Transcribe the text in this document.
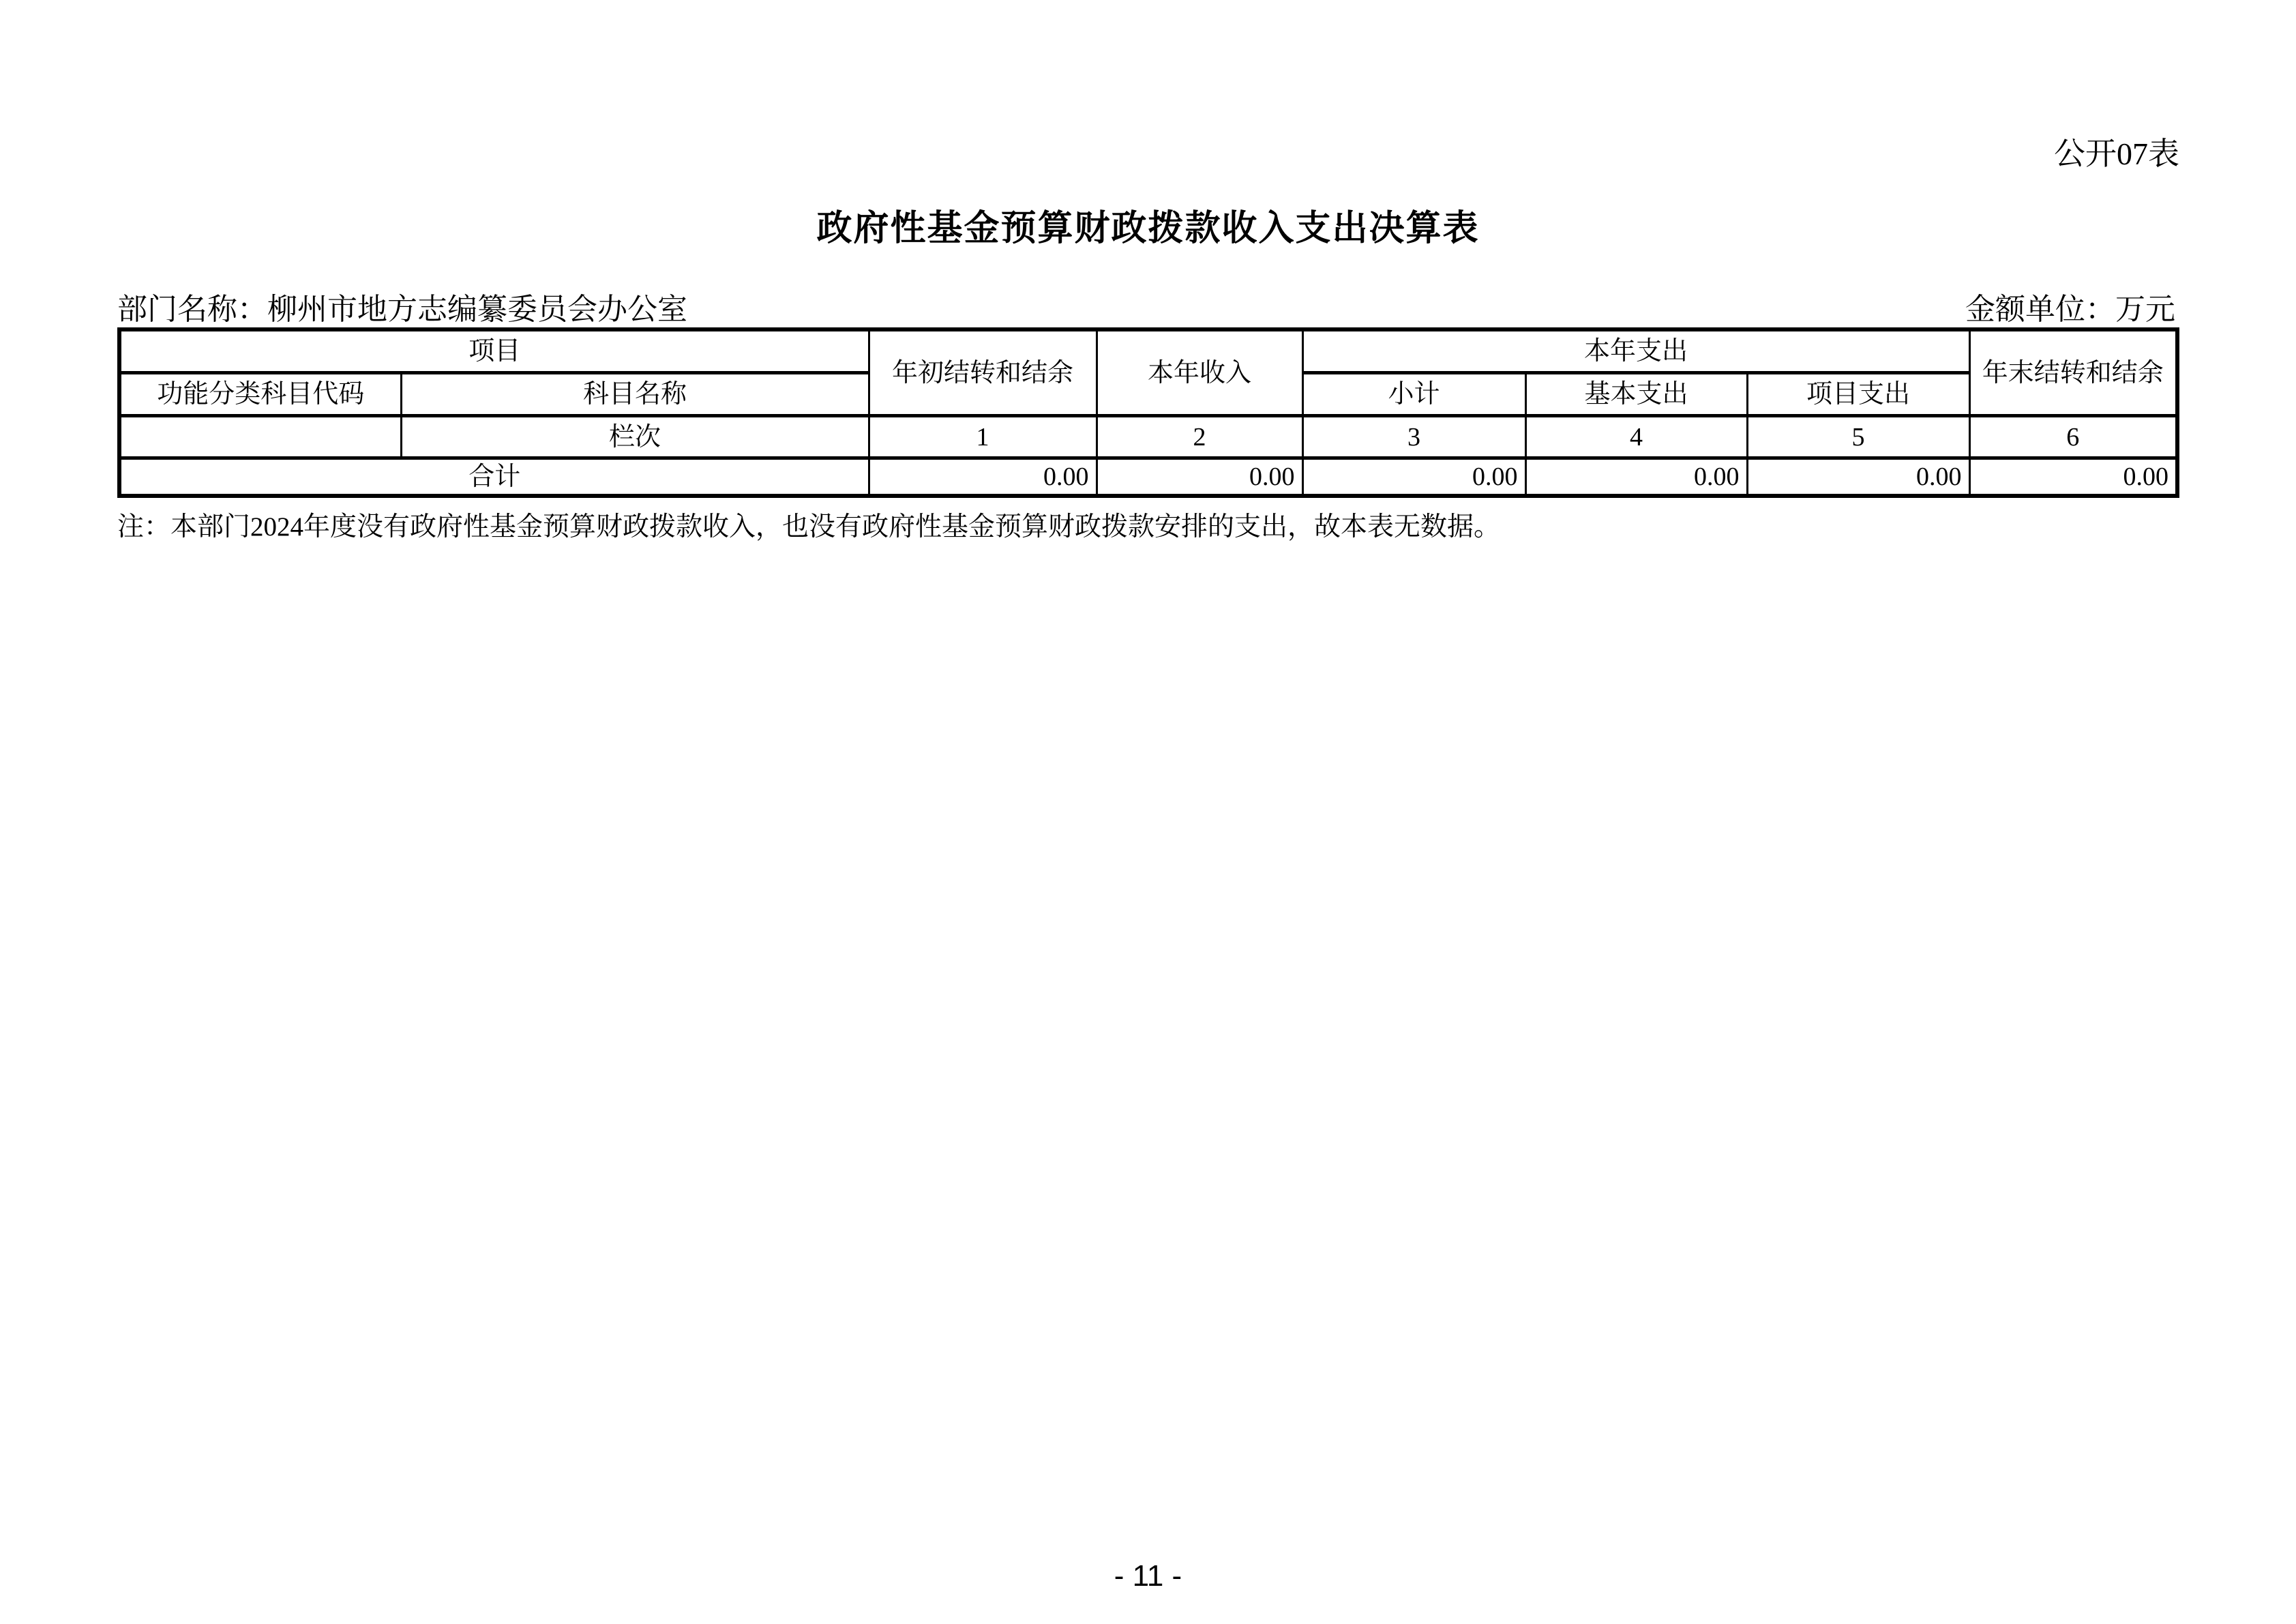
公开07表
政府性基金预算财政拨款收入支出决算表
部门名称：柳州市地方志编纂委员会办公室	金额单位：万元
项目		年初结转和结余	本年收入	本年支出			年末结转和结余
功能分类科目代码	科目名称			小计	基本支出	项目支出	
	栏次	1	2	3	4	5	6
合计		0.00	0.00	0.00	0.00	0.00	0.00
注：本部门2024年度没有政府性基金预算财政拨款收入，也没有政府性基金预算财政拨款安排的支出，故本表无数据。
- 11 -
